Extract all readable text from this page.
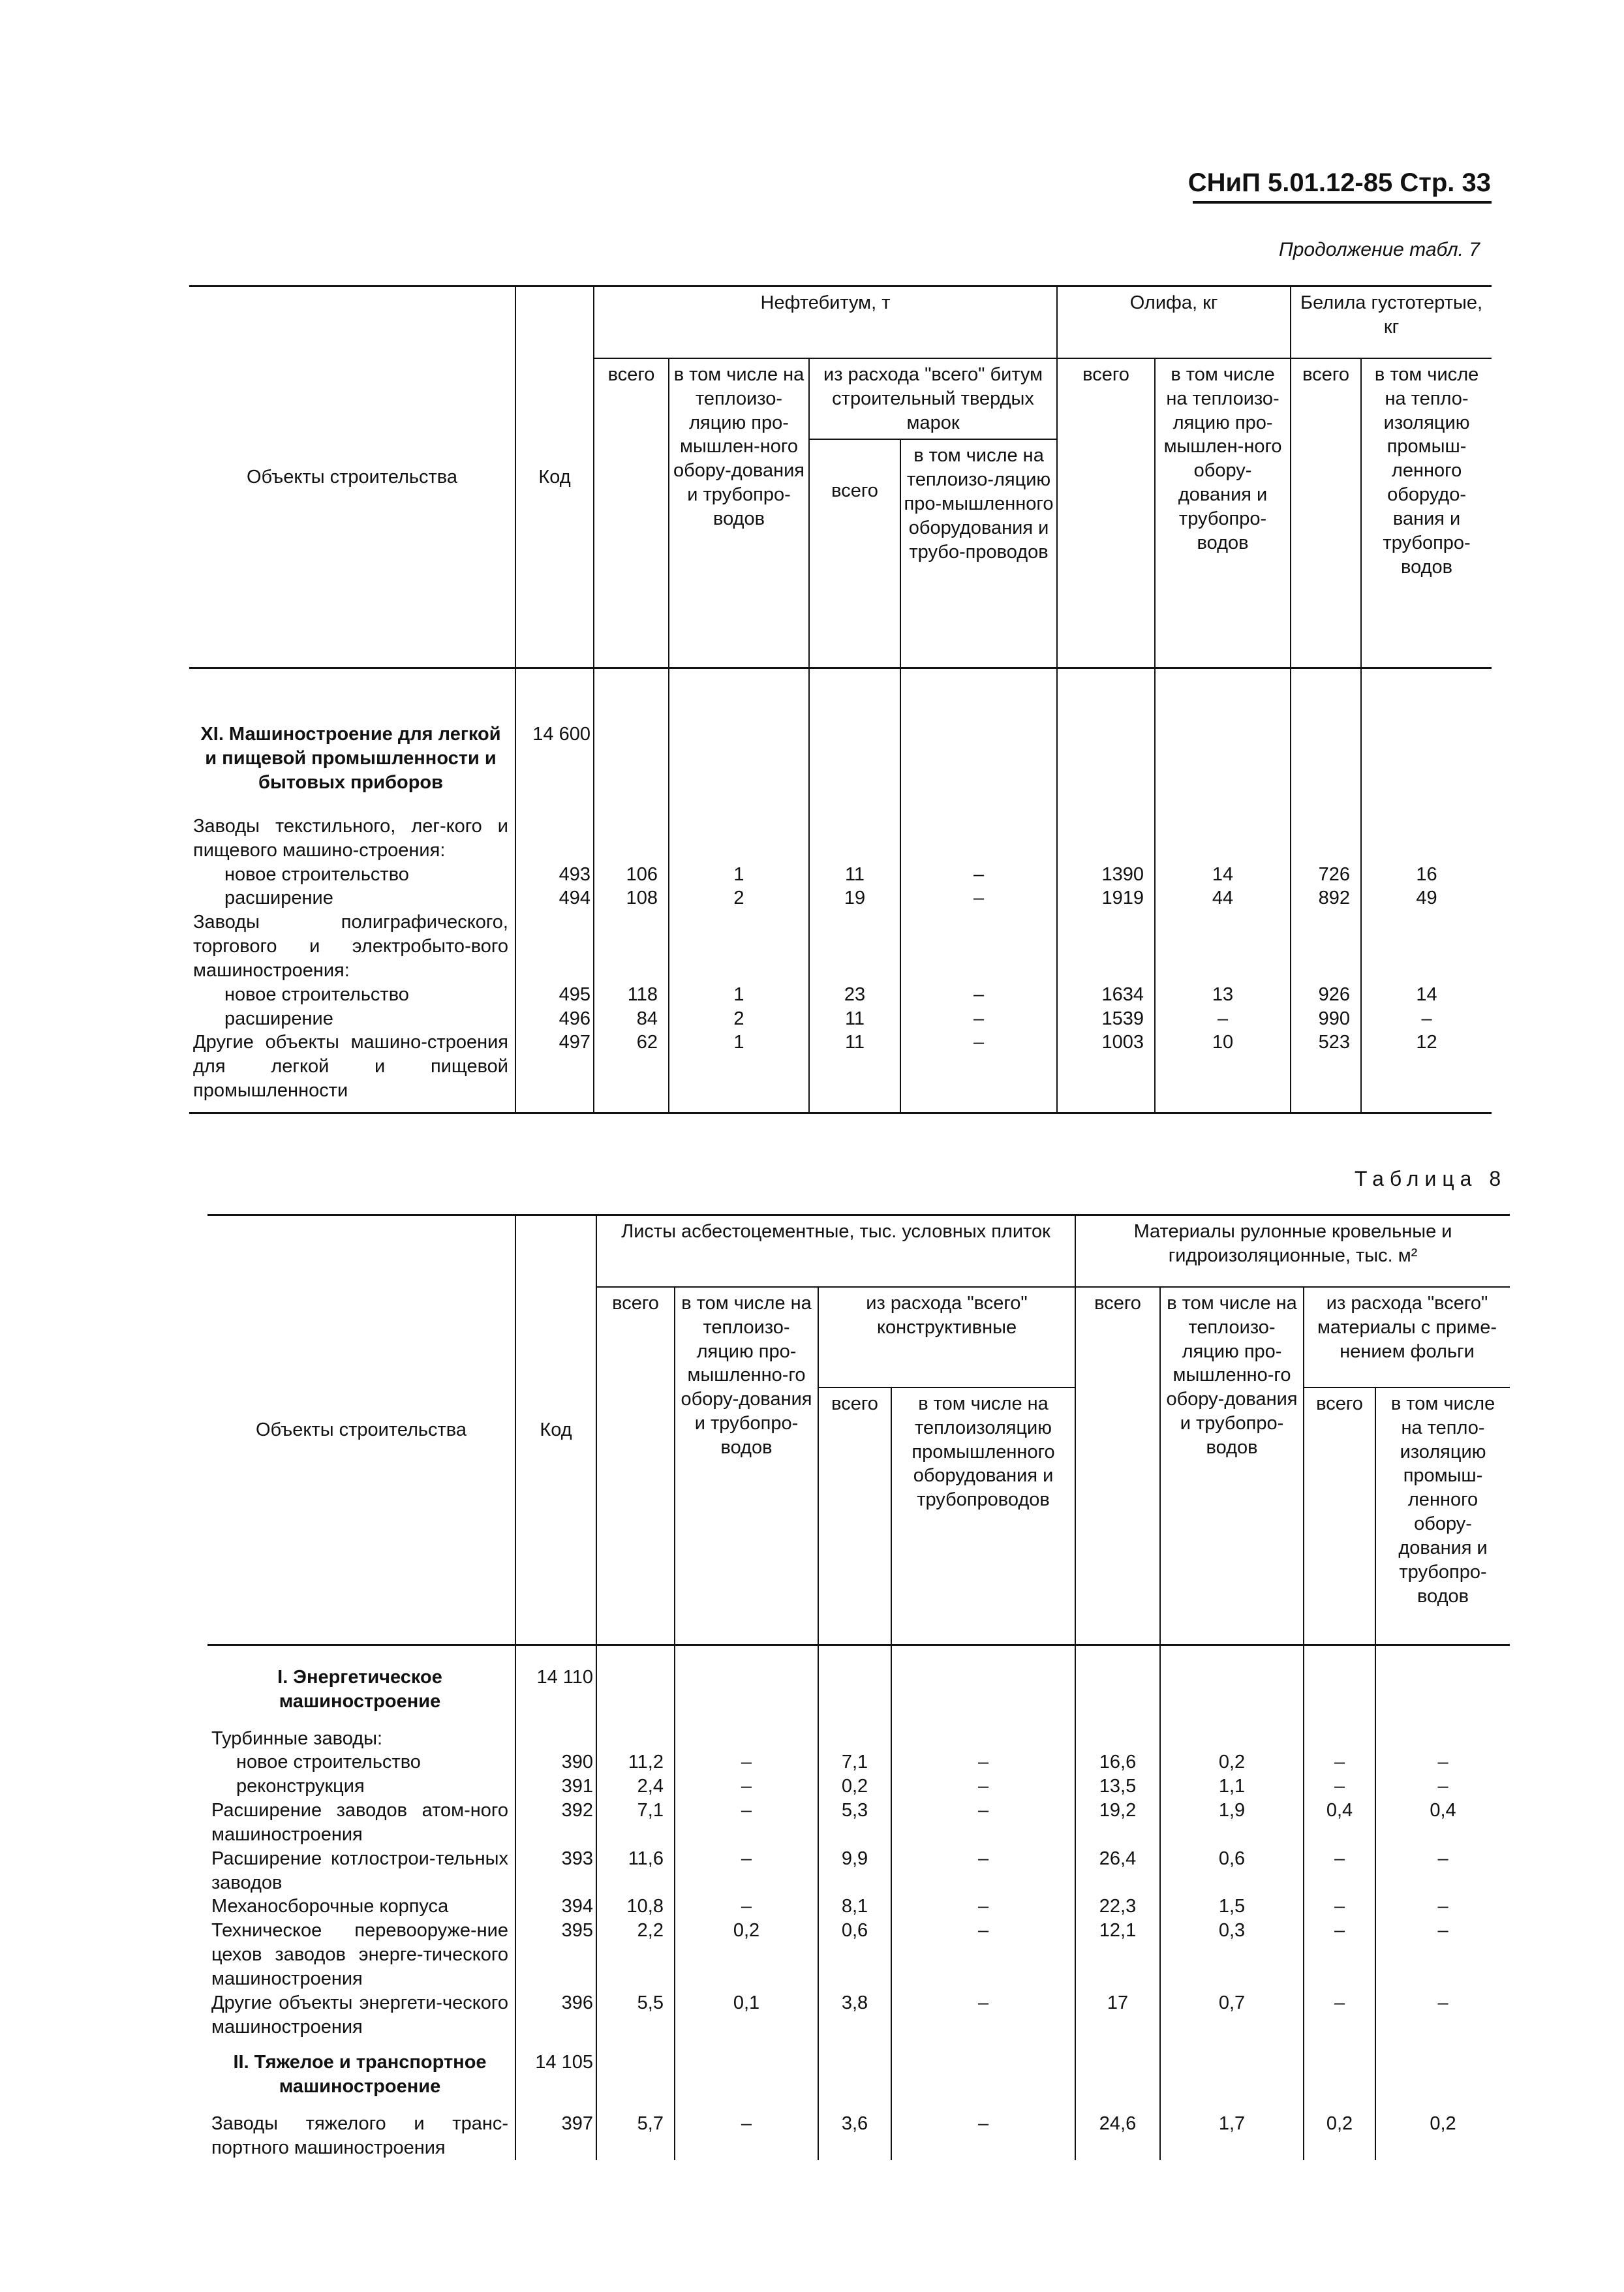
СНиП 5.01.12-85 Стр. 33
Продолжение табл. 7
Объекты строительства	Код	Нефтебитум, т				Олифа, кг		Белила густотертые, кг	
		всего	в том числе на теплоизо-ляцию про-мышлен-ного обору-дования и трубопро-водов	из расхода "всего" битум строительный твердых марок		всего	в том числе на теплоизо-ляцию про-мышлен-ного обору-дования и трубопро-водов	всего	в том числе на тепло-изоляцию промыш-ленного оборудо-вания и трубопро-водов
				всего	в том числе на теплоизо-ляцию про-мышленного оборудования и трубо-проводов				

XI. Машиностроение для легкой и пищевой промышленности и бытовых приборов	14 600								

Заводы текстильного, лег-кого и пищевого машино-строения:									

новое строительство	493	106	1	11	–	1390	14	726	16

расширение	494	108	2	19	–	1919	44	892	49

Заводы полиграфического, торгового и электробыто-вого машиностроения:									

новое строительство	495	118	1	23	–	1634	13	926	14

расширение	496	84	2	11	–	1539	–	990	–

Другие объекты машино-строения для легкой и пищевой промышленности	497	62	1	11	–	1003	10	523	12
Таблица 8
Объекты строительства	Код	Листы асбестоцементные, тыс. условных плиток				Материалы рулонные кровельные и гидроизоляционные, тыс. м²			
		всего	в том числе на теплоизо-ляцию про-мышленно-го обору-дования и трубопро-водов	из расхода "всего" конструктивные		всего	в том числе на теплоизо-ляцию про-мышленно-го обору-дования и трубопро-водов	из расхода "всего" материалы с приме-нением фольги	
				всего	в том числе на теплоизоляцию промышленного оборудования и трубопроводов			всего	в том числе на тепло-изоляцию промыш-ленного обору-дования и трубопро-водов

I. Энергетическое машиностроение	14 110								
Турбинные заводы:									

новое строительство	390	11,2	–	7,1	–	16,6	0,2	–	–

реконструкция	391	2,4	–	0,2	–	13,5	1,1	–	–

Расширение заводов атом-ного машиностроения	392	7,1	–	5,3	–	19,2	1,9	0,4	0,4

Расширение котлострои-тельных заводов	393	11,6	–	9,9	–	26,4	0,6	–	–
Механосборочные корпуса	394	10,8	–	8,1	–	22,3	1,5	–	–

Техническое перевооруже-ние цехов заводов энерге-тического машиностроения	395	2,2	0,2	0,6	–	12,1	0,3	–	–

Другие объекты энергети-ческого машиностроения	396	5,5	0,1	3,8	–	17	0,7	–	–

II. Тяжелое и транспортное машиностроение	14 105								

Заводы тяжелого и транс-портного машиностроения	397	5,7	–	3,6	–	24,6	1,7	0,2	0,2
